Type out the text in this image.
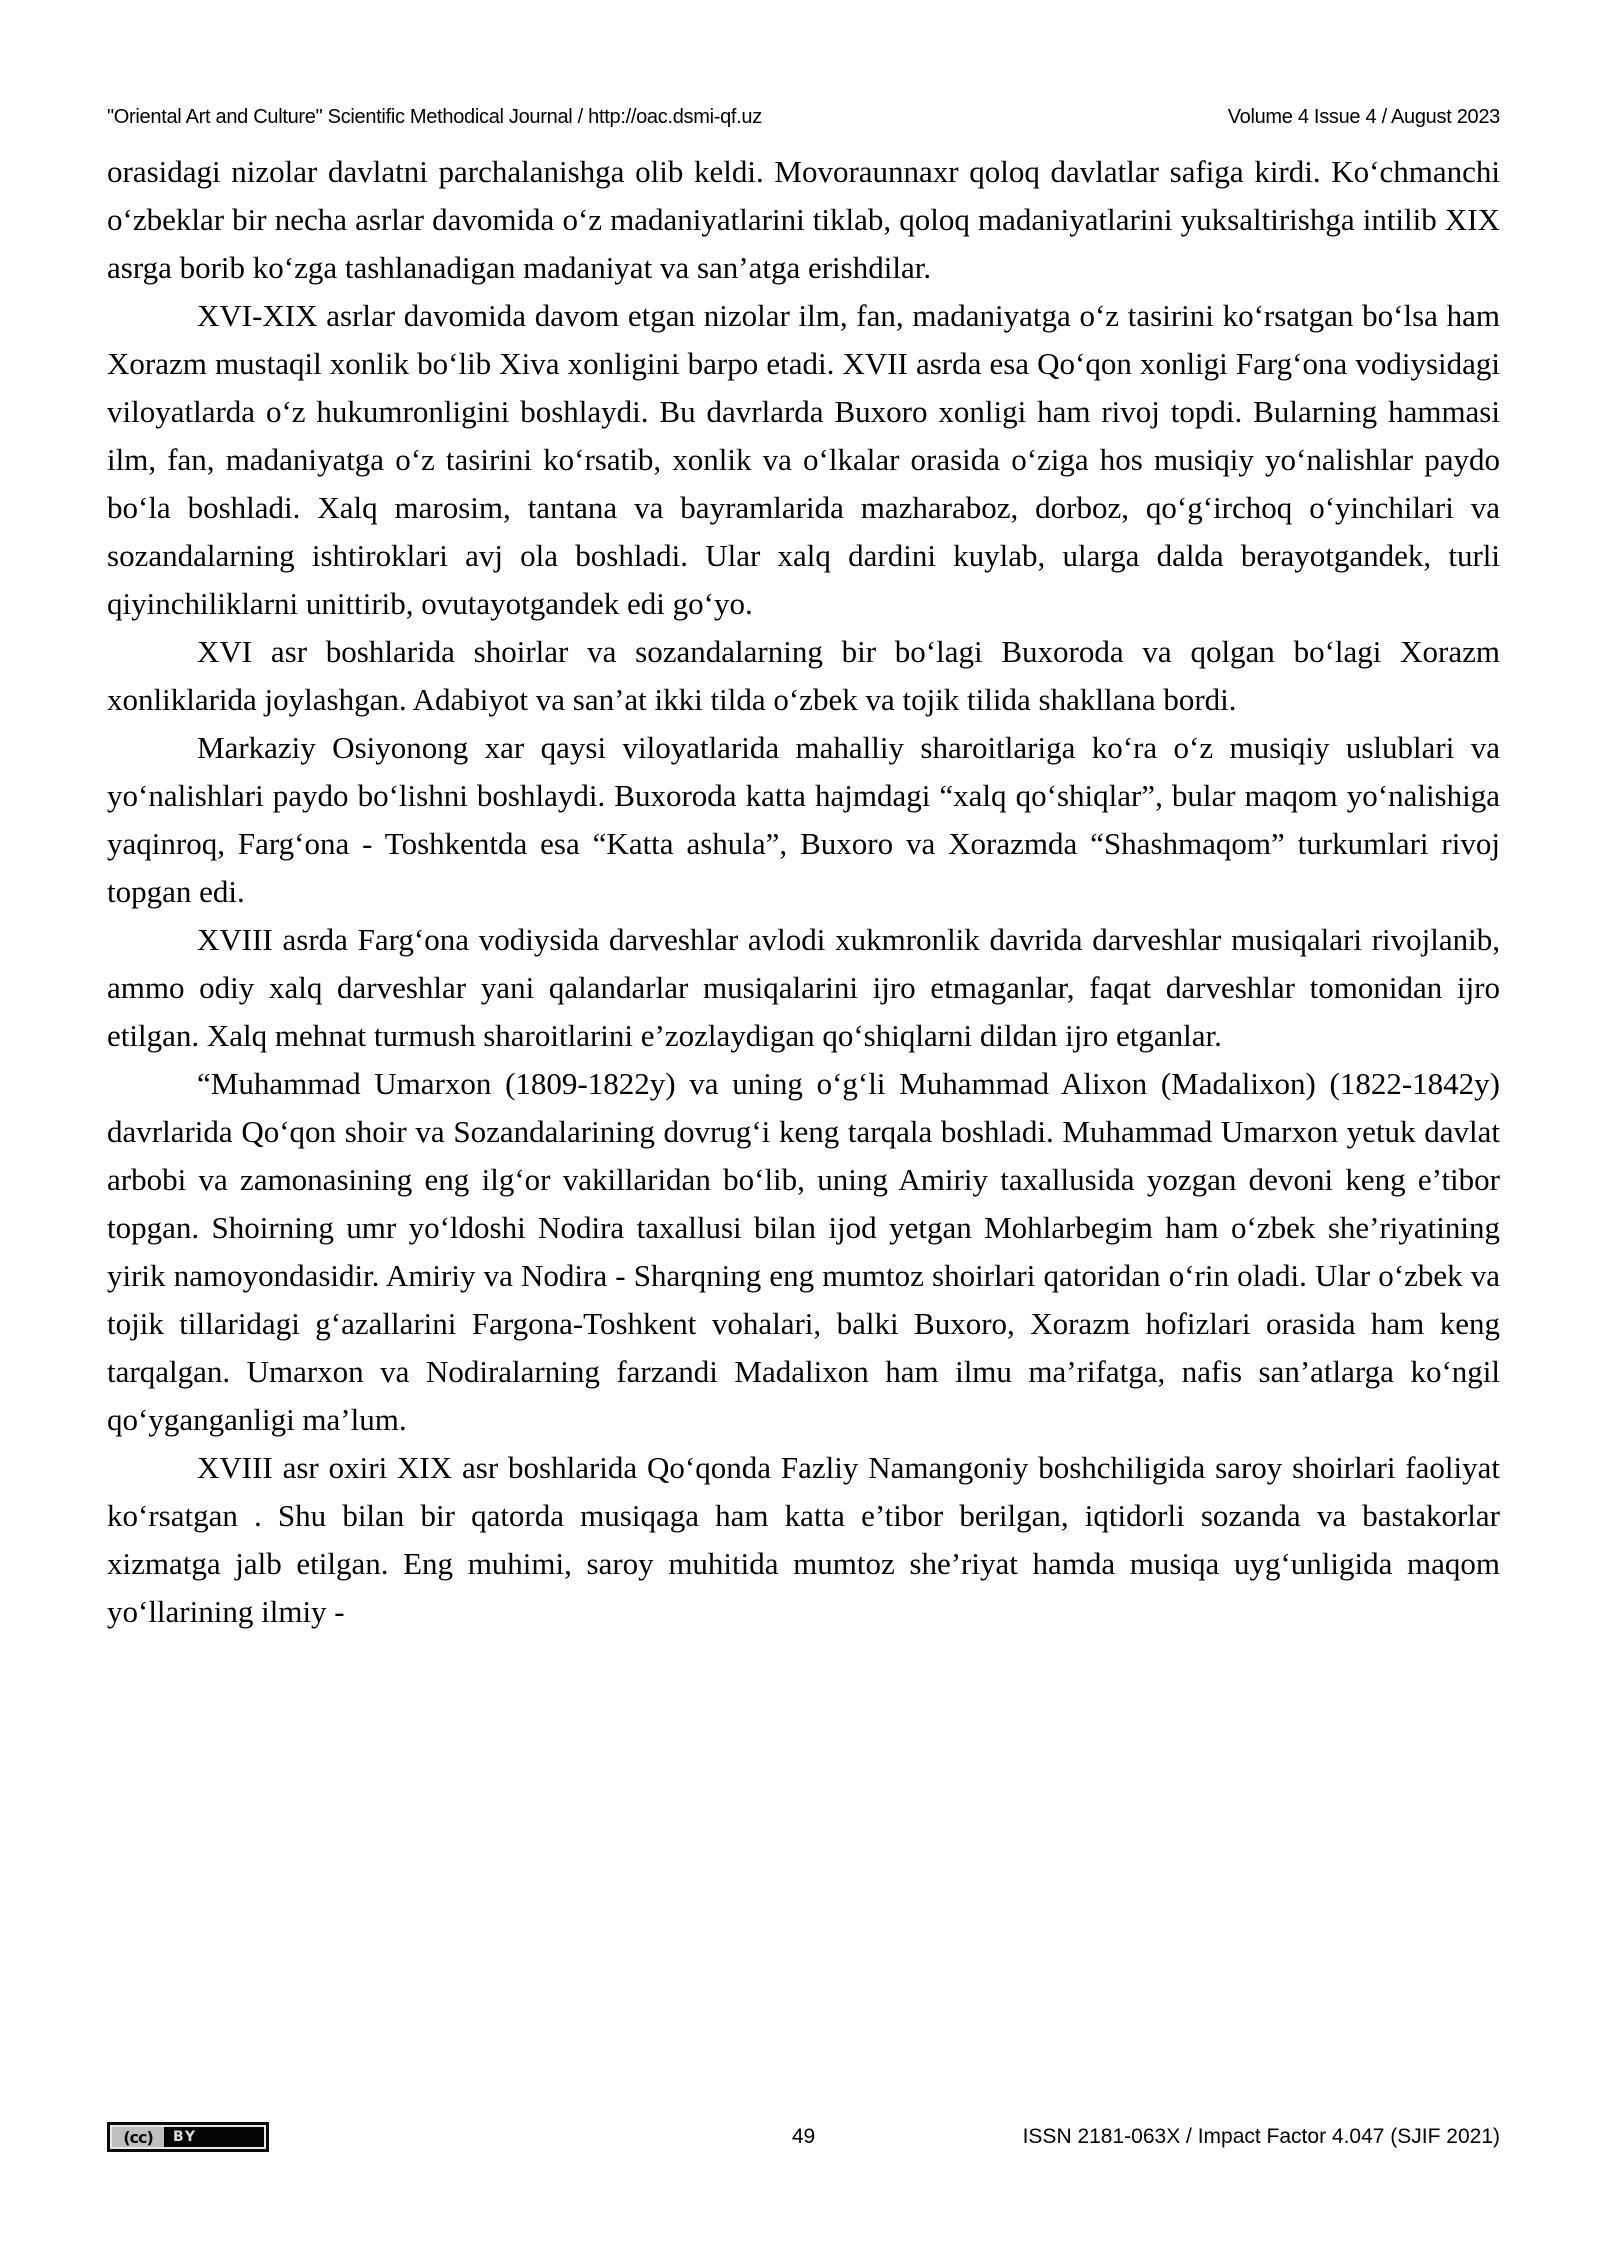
"Oriental Art and Culture" Scientific Methodical Journal / http://oac.dsmi-qf.uz	Volume 4 Issue 4 / August 2023

orasidagi nizolar davlatni parchalanishga olib keldi. Movoraunnaxr qoloq davlatlar safiga kirdi. Ko‘chmanchi o‘zbeklar bir necha asrlar davomida o‘z madaniyatlarini tiklab, qoloq madaniyatlarini yuksaltirishga intilib XIX asrga borib ko‘zga tashlanadigan madaniyat va san’atga erishdilar.

XVI-XIX asrlar davomida davom etgan nizolar ilm, fan, madaniyatga o‘z tasirini ko‘rsatgan bo‘lsa ham Xorazm mustaqil xonlik bo‘lib Xiva xonligini barpo etadi. XVII asrda esa Qo‘qon xonligi Farg‘ona vodiysidagi viloyatlarda o‘z hukumronligini boshlaydi. Bu davrlarda Buxoro xonligi ham rivoj topdi. Bularning hammasi ilm, fan, madaniyatga o‘z tasirini ko‘rsatib, xonlik va o‘lkalar orasida o‘ziga hos musiqiy yo‘nalishlar paydo bo‘la boshladi. Xalq marosim, tantana va bayramlarida mazharaboz, dorboz, qo‘g‘irchoq o‘yinchilari va sozandalarning ishtiroklari avj ola boshladi. Ular xalq dardini kuylab, ularga dalda berayotgandek, turli qiyinchiliklarni unittirib, ovutayotgandek edi go‘yo.

XVI asr boshlarida shoirlar va sozandalarning bir bo‘lagi Buxoroda va qolgan bo‘lagi Xorazm xonliklarida joylashgan. Adabiyot va san’at ikki tilda o‘zbek va tojik tilida shakllana bordi.

Markaziy Osiyonong xar qaysi viloyatlarida mahalliy sharoitlariga ko‘ra o‘z musiqiy uslublari va yo‘nalishlari paydo bo‘lishni boshlaydi. Buxoroda katta hajmdagi “xalq qo‘shiqlar”, bular maqom yo‘nalishiga yaqinroq, Farg‘ona - Toshkentda esa “Katta ashula”, Buxoro va Xorazmda “Shashmaqom” turkumlari rivoj topgan edi.

XVIII asrda Farg‘ona vodiysida darveshlar avlodi xukmronlik davrida darveshlar musiqalari rivojlanib, ammo odiy xalq darveshlar yani qalandarlar musiqalarini ijro etmaganlar, faqat darveshlar tomonidan ijro etilgan. Xalq mehnat turmush sharoitlarini e’zozlaydigan qo‘shiqlarni dildan ijro etganlar.

“Muhammad Umarxon (1809-1822y) va uning o‘g‘li Muhammad Alixon (Madalixon) (1822-1842y) davrlarida Qo‘qon shoir va Sozandalarining dovrug‘i keng tarqala boshladi. Muhammad Umarxon yetuk davlat arbobi va zamonasining eng ilg‘or vakillaridan bo‘lib, uning Amiriy taxallusida yozgan devoni keng e’tibor topgan. Shoirning umr yo‘ldoshi Nodira taxallusi bilan ijod yetgan Mohlarbegim ham o‘zbek she’riyatining yirik namoyondasidir. Amiriy va Nodira - Sharqning eng mumtoz shoirlari qatoridan o‘rin oladi. Ular o‘zbek va tojik tillaridagi g‘azallarini Fargona-Toshkent vohalari, balki Buxoro, Xorazm hofizlari orasida ham keng tarqalgan. Umarxon va Nodiralarning farzandi Madalixon ham ilmu ma’rifatga, nafis san’atlarga ko‘ngil qo‘yganganligi ma’lum.

XVIII asr oxiri XIX asr boshlarida Qo‘qonda Fazliy Namangoniy boshchiligida saroy shoirlari faoliyat ko‘rsatgan . Shu bilan bir qatorda musiqaga ham katta e’tibor berilgan, iqtidorli sozanda va bastakorlar xizmatga jalb etilgan. Eng muhimi, saroy muhitida mumtoz she’riyat hamda musiqa uyg‘unligida maqom yo‘llarining ilmiy -

(cc)	BY	49	ISSN 2181-063X / Impact Factor 4.047 (SJIF 2021)
